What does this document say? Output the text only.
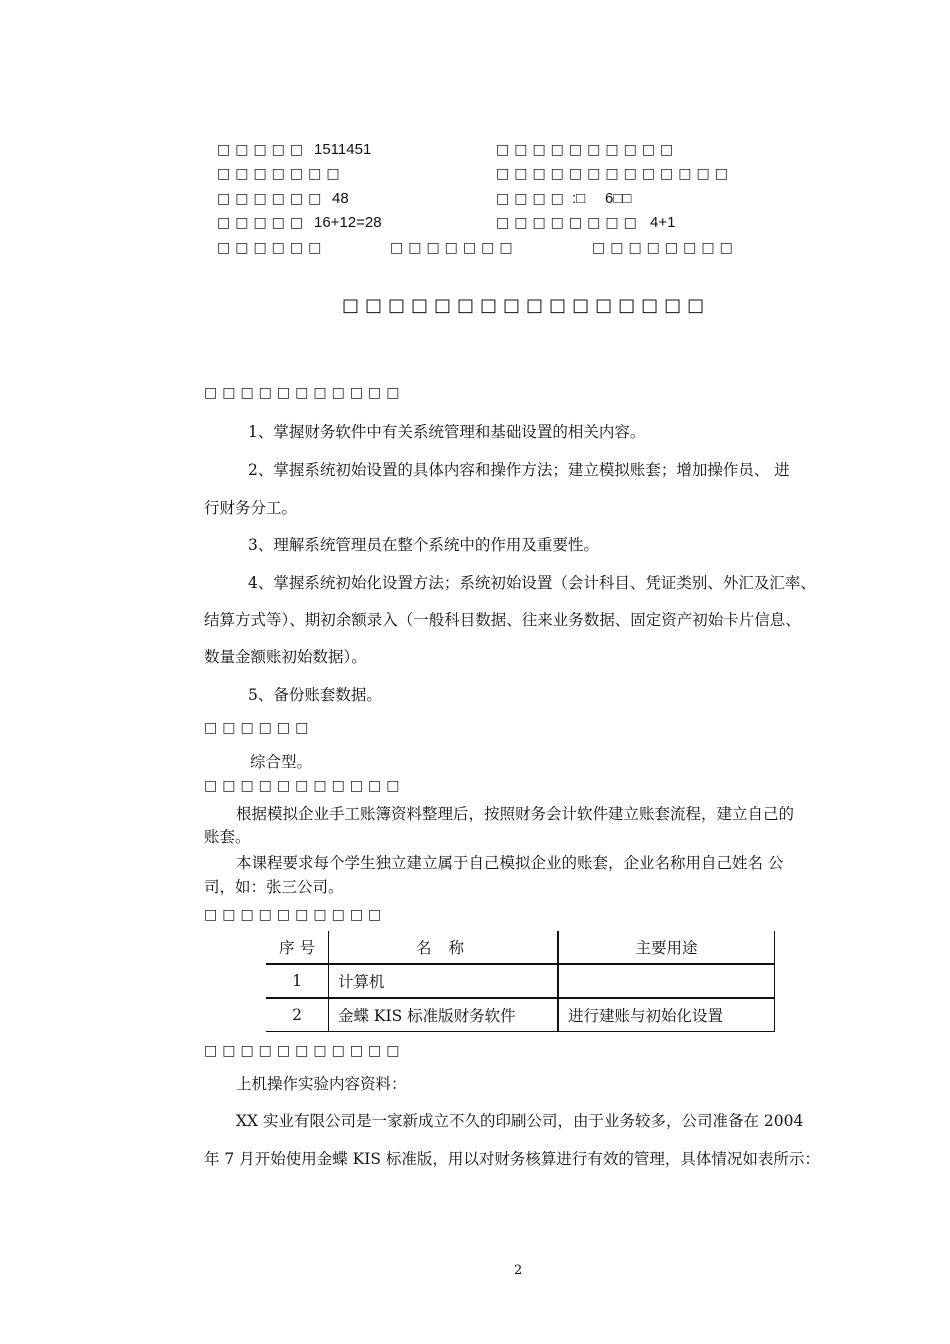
□□□□□ 1511451	□□□□□□□□□□
□□□□□□□	□□□□□□□□□□□□□
□□□□□□ 48	□□□□ :□ 6□□
□□□□□ 16+12=28	□□□□□□□□ 4+1
□□□□□□	□□□□□□□	□□□□□□□□
□□□□□□□□□□□□□□□□
□□□□□□□□□□□
1、掌握财务软件中有关系统管理和基础设置的相关内容。
2、掌握系统初始设置的具体内容和操作方法；建立模拟账套；增加操作员、 进
行财务分工。
3、理解系统管理员在整个系统中的作用及重要性。
4、掌握系统初始化设置方法；系统初始设置（会计科目、凭证类别、外汇及汇率、
结算方式等）、期初余额录入（一般科目数据、往来业务数据、固定资产初始卡片信息、
数量金额账初始数据）。
5、备份账套数据。
□□□□□□
综合型。
□□□□□□□□□□□
根据模拟企业手工账簿资料整理后，按照财务会计软件建立账套流程，建立自己的
账套。
本课程要求每个学生独立建立属于自己模拟企业的账套，企业名称用自己姓名 公
司，如：张三公司。
□□□□□□□□□□
序 号	名 称	主要用途
1	计算机	
2	金蝶 KIS 标准版财务软件	进行建账与初始化设置
□□□□□□□□□□□
上机操作实验内容资料：
XX 实业有限公司是一家新成立不久的印刷公司，由于业务较多，公司准备在 2004
年 7 月开始使用金蝶 KIS 标准版，用以对财务核算进行有效的管理，具体情况如表所示：
2
